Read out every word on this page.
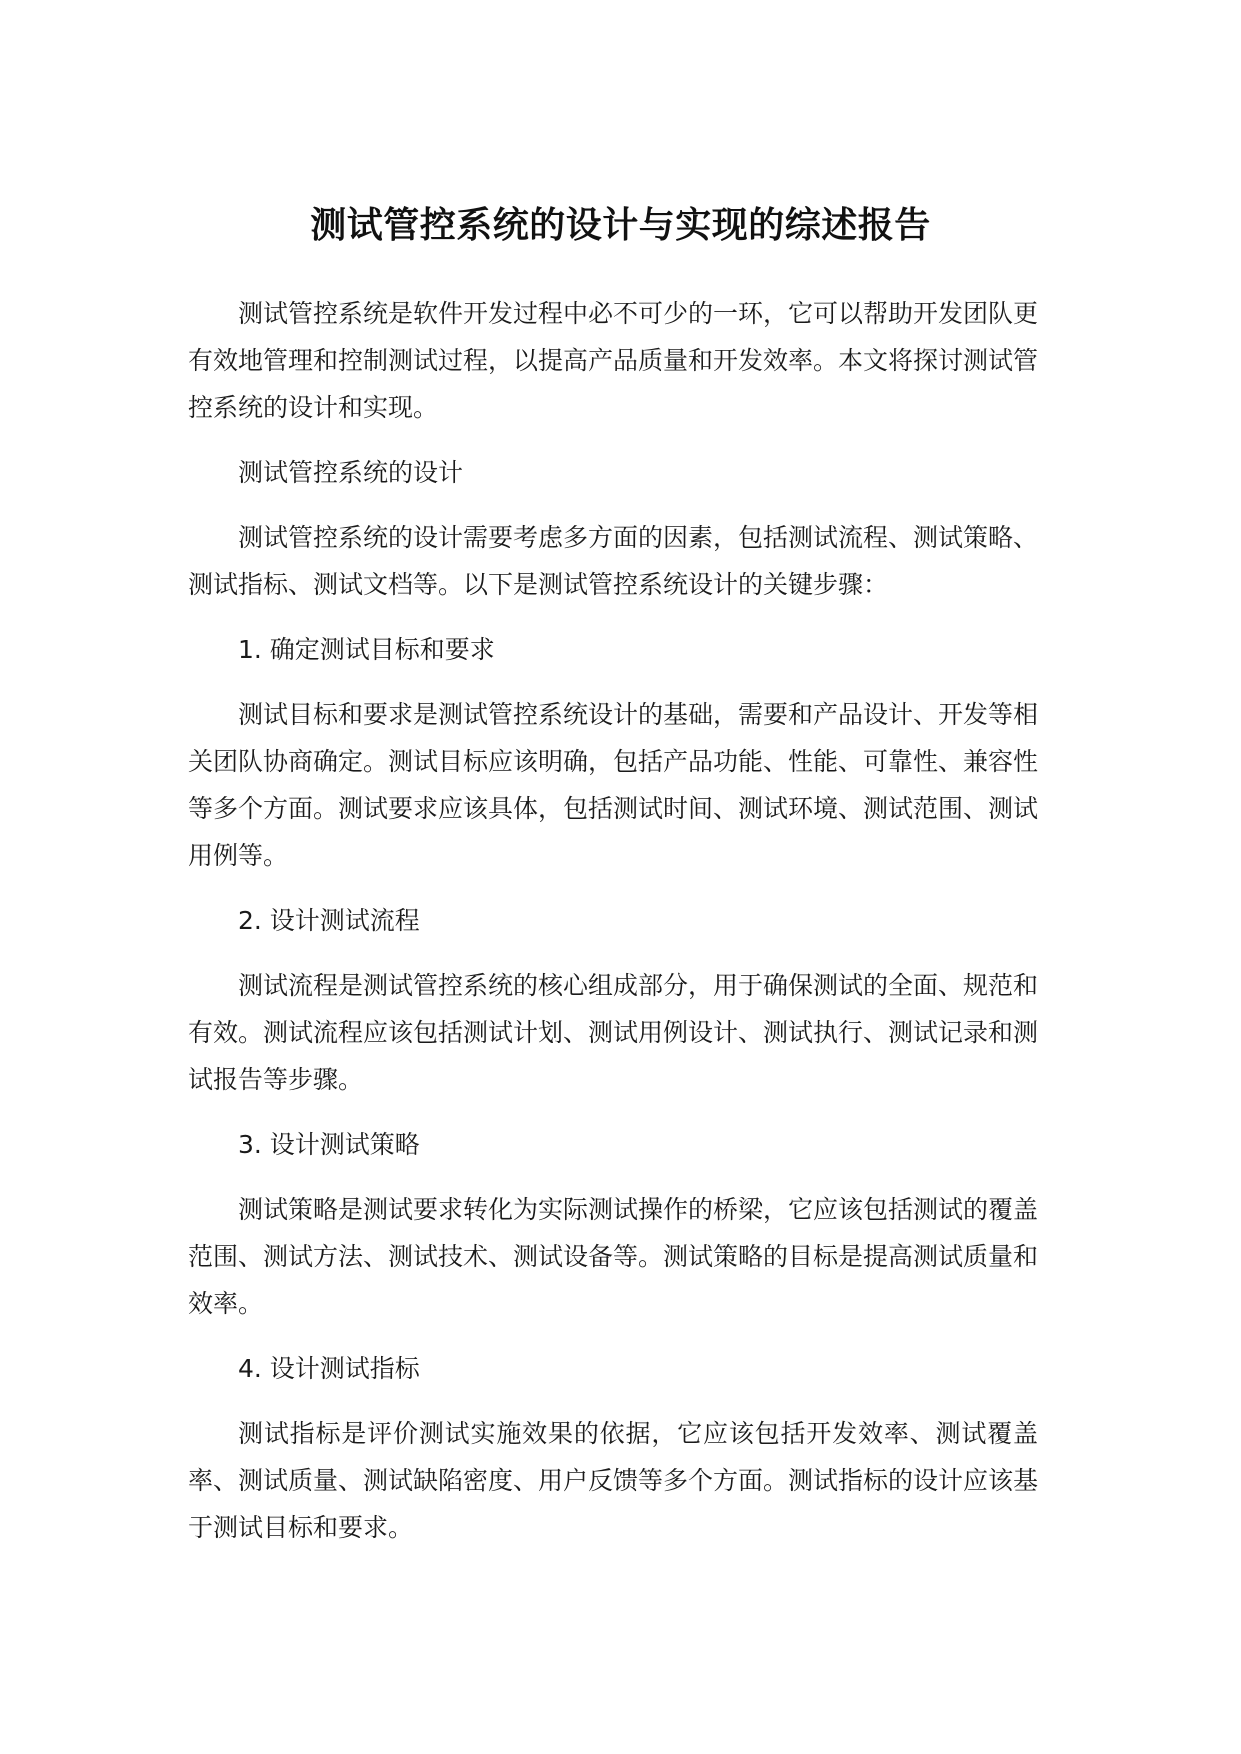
测试管控系统的设计与实现的综述报告

测试管控系统是软件开发过程中必不可少的一环，它可以帮助开发团队更有效地管理和控制测试过程，以提高产品质量和开发效率。本文将探讨测试管控系统的设计和实现。

测试管控系统的设计

测试管控系统的设计需要考虑多方面的因素，包括测试流程、测试策略、测试指标、测试文档等。以下是测试管控系统设计的关键步骤：

1. 确定测试目标和要求

测试目标和要求是测试管控系统设计的基础，需要和产品设计、开发等相关团队协商确定。测试目标应该明确，包括产品功能、性能、可靠性、兼容性等多个方面。测试要求应该具体，包括测试时间、测试环境、测试范围、测试用例等。

2. 设计测试流程

测试流程是测试管控系统的核心组成部分，用于确保测试的全面、规范和有效。测试流程应该包括测试计划、测试用例设计、测试执行、测试记录和测试报告等步骤。

3. 设计测试策略

测试策略是测试要求转化为实际测试操作的桥梁，它应该包括测试的覆盖范围、测试方法、测试技术、测试设备等。测试策略的目标是提高测试质量和效率。

4. 设计测试指标

测试指标是评价测试实施效果的依据，它应该包括开发效率、测试覆盖率、测试质量、测试缺陷密度、用户反馈等多个方面。测试指标的设计应该基于测试目标和要求。
